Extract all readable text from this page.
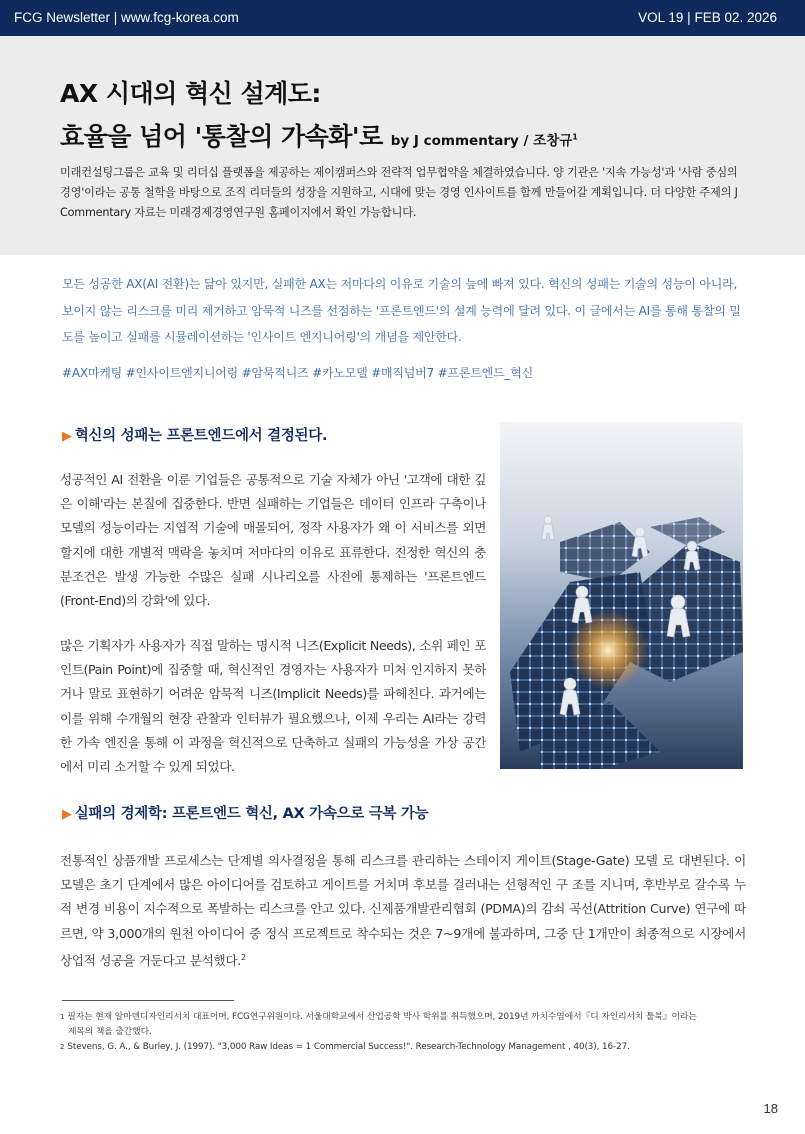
FCG Newsletter | www.fcg-korea.com	VOL 19 | FEB 02. 2026
AX 시대의 혁신 설계도:
효율을 넘어 '통찰의 가속화'로 by J commentary / 조창규$^1$
미래컨설팅그룹은 교육 및 리더십 플랫폼을 제공하는 제이캠퍼스와 전략적 업무협약을 체결하였습니다. 양 기관은 '지속 가능성'과 '사람 중심의 경영'이라는 공통 철학을 바탕으로 조직 리더들의 성장을 지원하고, 시대에 맞는 경영 인사이트를 함께 만들어갈 계획입니다. 더 다양한 주제의 J Commentary 자료는 미래경제경영연구원 홈페이지에서 확인 가능합니다.
모든 성공한 AX(AI 전환)는 닮아 있지만, 실패한 AX는 저마다의 이유로 기술의 늪에 빠져 있다. 혁신의 성패는 기술의 성능이 아니라, 보이지 않는 리스크를 미리 제거하고 암묵적 니즈를 선점하는 '프론트엔드'의 설계 능력에 달려 있다. 이 글에서는 AI를 통해 통찰의 밀도를 높이고 실패를 시뮬레이션하는 '인사이트 엔지니어링'의 개념을 제안한다.
#AX마케팅 #인사이트엔지니어링 #암묵적니즈 #카노모델 #매직넘버7 #프론트엔드_혁신
▶ 혁신의 성패는 프론트엔드에서 결정된다.
성공적인 AI 전환을 이룬 기업들은 공통적으로 기술 자체가 아닌 '고객에 대한 깊은 이해'라는 본질에 집중한다. 반면 실패하는 기업들은 데이터 인프라 구축이나 모델의 성능이라는 지엽적 기술에 매몰되어, 정작 사용자가 왜 이 서비스를 외면할지에 대한 개별적 맥락을 놓치며 저마다의 이유로 표류한다. 진정한 혁신의 충분조건은 발생 가능한 수많은 실패 시나리오를 사전에 통제하는 '프론트엔드(Front-End)의 강화'에 있다.
많은 기획자가 사용자가 직접 말하는 명시적 니즈(Explicit Needs), 소위 페인 포인트(Pain Point)에 집중할 때, 혁신적인 경영자는 사용자가 미처 인지하지 못하거나 말로 표현하기 어려운 암묵적 니즈(Implicit Needs)를 파헤친다. 과거에는 이를 위해 수개월의 현장 관찰과 인터뷰가 필요했으나, 이제 우리는 AI라는 강력한 가속 엔진을 통해 이 과정을 혁신적으로 단축하고 실패의 가능성을 가상 공간에서 미리 소거할 수 있게 되었다.
▶ 실패의 경제학: 프론트엔드 혁신, AX 가속으로 극복 가능
전통적인 상품개발 프로세스는 단계별 의사결정을 통해 리스크를 관리하는 스테이지 게이트(Stage-Gate) 모델 로 대변된다. 이 모델은 초기 단계에서 많은 아이디어를 검토하고 게이트를 거치며 후보를 걸러내는 선형적인 구 조를 지니며, 후반부로 갈수록 누적 변경 비용이 지수적으로 폭발하는 리스크를 안고 있다. 신제품개발관리협회 (PDMA)의 감쇠 곡선(Attrition Curve) 연구에 따르면, 약 3,000개의 원천 아이디어 중 정식 프로젝트로 착수되는 것은 7~9개에 불과하며, 그중 단 1개만이 최종적으로 시장에서 상업적 성공을 거둔다고 분석했다.$^2$
$^1$ 필자는 현재 알마덴디자인리서치 대표이며, FCG연구위원이다. 서울대학교에서 산업공학 박사 학위를 취득했으며, 2019년 까치수염에서『디 자인리서치 툴북』이라는
제목의 책을 출간했다.
$^2$ Stevens, G. A., & Burley, J. (1997). "3,000 Raw Ideas = 1 Commercial Success!". Research-Technology Management , 40(3), 16-27.
18
